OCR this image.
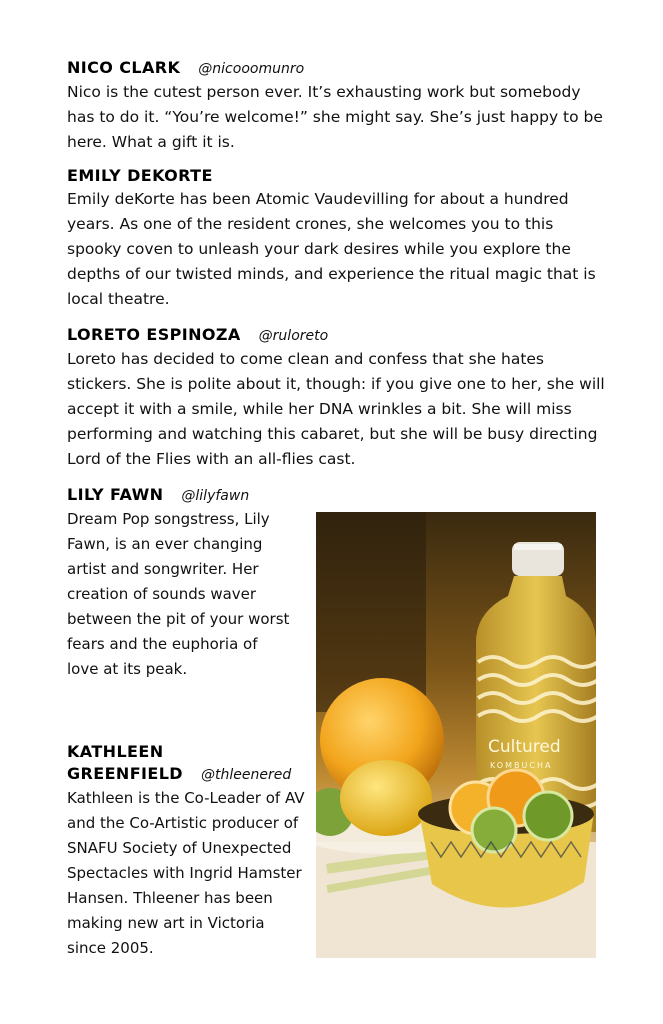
NICO CLARK @nicooomunro

Nico is the cutest person ever. It’s exhausting work but somebody has to do it. “You’re welcome!” she might say. She’s just happy to be here. What a gift it is.

EMILY DEKORTE

Emily deKorte has been Atomic Vaudevilling for about a hundred years. As one of the resident crones, she welcomes you to this spooky coven to unleash your dark desires while you explore the depths of our twisted minds, and experience the ritual magic that is local theatre.

LORETO ESPINOZA @ruloreto

Loreto has decided to come clean and confess that she hates stickers. She is polite about it, though: if you give one to her, she will accept it with a smile, while her DNA wrinkles a bit. She will miss performing and watching this cabaret, but she will be busy directing Lord of the Flies with an all-flies cast.

LILY FAWN @lilyfawn

Dream Pop songstress, Lily Fawn, is an ever changing artist and songwriter. Her creation of sounds waver between the pit of your worst fears and the euphoria of love at its peak.

KATHLEEN
GREENFIELD @thleenered

Kathleen is the Co-Leader of AV and the Co-Artistic producer of SNAFU Society of Unexpected Spectacles with Ingrid Hamster Hansen. Thleener has been making new art in Victoria since 2005.

Cultured
KOMBUCHA
